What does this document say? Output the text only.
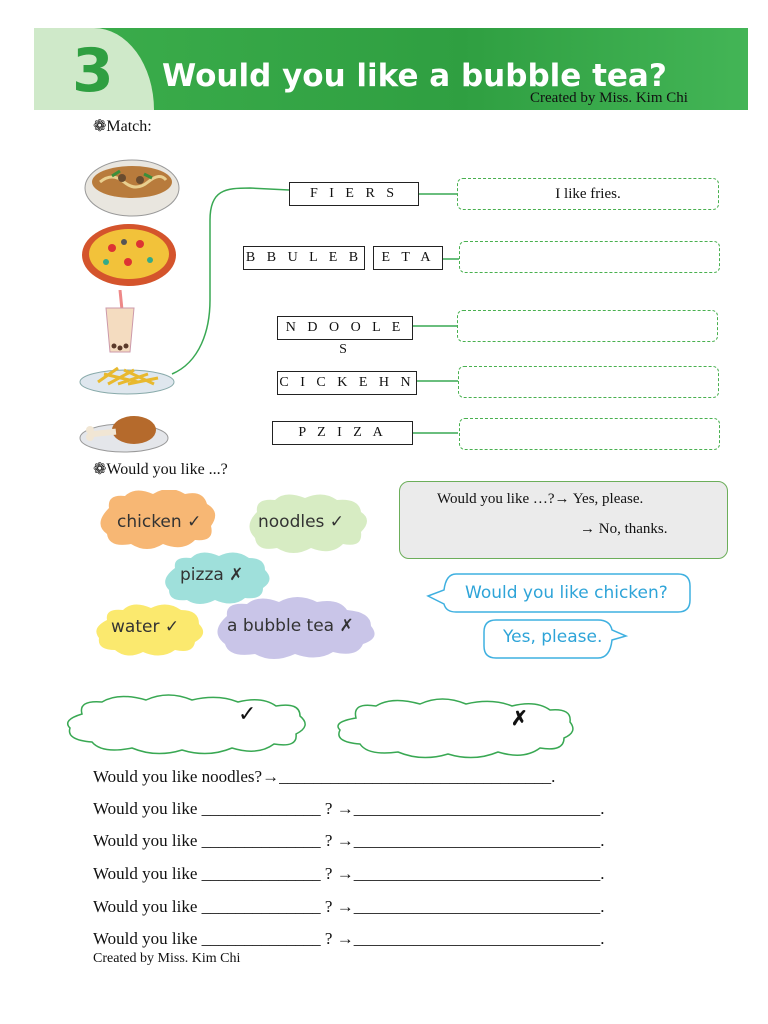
3 Would you like a bubble tea?
Created by Miss. Kim Chi
❁Match:
F I E R S
B B U L E B	E T A
N D O O L E S
C I C K E H N
P Z I Z A
I like fries.
❁Would you like ...?
chicken ✓	noodles ✓
pizza ✗
water ✓	a bubble tea ✗
Would you like …?→ Yes, please.
→ No, thanks.
Would you like chicken?
Yes, please.
✓	✗
Would you like noodles?→________________________________.
Would you like ______________ ? →_____________________________.
Would you like ______________ ? →_____________________________.
Would you like ______________ ? →_____________________________.
Would you like ______________ ? →_____________________________.
Would you like ______________ ? →_____________________________.
Created by Miss. Kim Chi
